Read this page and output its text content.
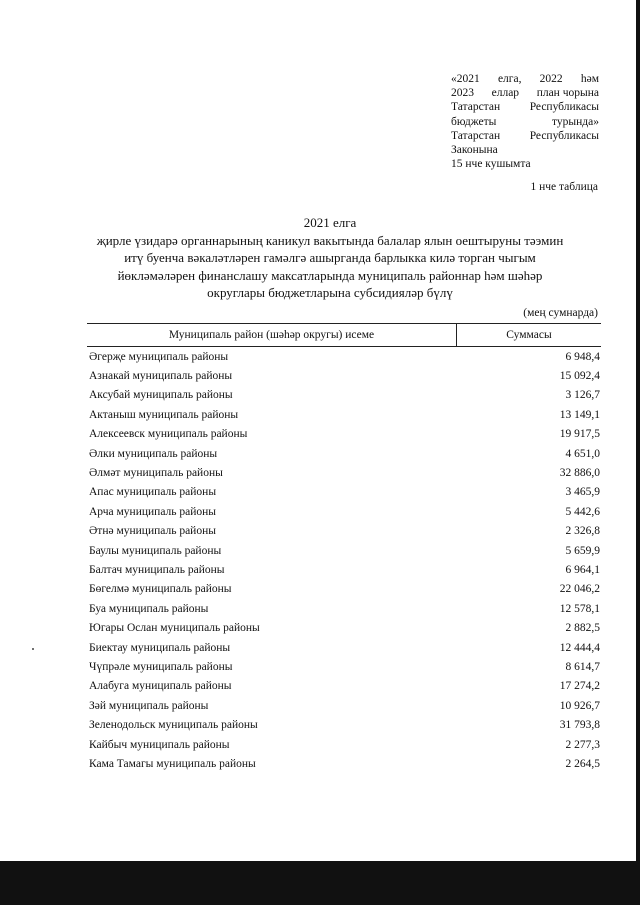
«2021 елга, 2022 һәм
2023 еллар план чорына
Татарстан	Республикасы
бюджеты	турында»
Татарстан	Республикасы
Законына
15 нче кушымта
1 нче таблица
2021 елга
җирле үзидарә органнарының каникул вакытында балалар ялын оештыруны тәэмин
итү буенча вәкаләтләрен гамәлгә ашырганда барлыкка килә торган чыгым
йөкләмәләрен финанслашу максатларында муниципаль районнар һәм шәһәр
округлары бюджетларына субсидияләр бүлү
(мең сумнарда)
Муниципаль район (шәһәр округы) исеме	Суммасы
Әгерҗе муниципаль районы	6 948,4
Азнакай муниципаль районы	15 092,4
Аксубай муниципаль районы	3 126,7
Актаныш муниципаль районы	13 149,1
Алексеевск муниципаль районы	19 917,5
Әлки муниципаль районы	4 651,0
Әлмәт муниципаль районы	32 886,0
Апас муниципаль районы	3 465,9
Арча муниципаль районы	5 442,6
Әтнә муниципаль районы	2 326,8
Баулы муниципаль районы	5 659,9
Балтач муниципаль районы	6 964,1
Бөгелмә муниципаль районы	22 046,2
Буа муниципаль районы	12 578,1
Югары Ослан муниципаль районы	2 882,5
Биектау муниципаль районы	12 444,4
Чүпрәле муниципаль районы	8 614,7
Алабуга муниципаль районы	17 274,2
Зәй муниципаль районы	10 926,7
Зеленодольск муниципаль районы	31 793,8
Кайбыч муниципаль районы	2 277,3
Кама Тамагы муниципаль районы	2 264,5
